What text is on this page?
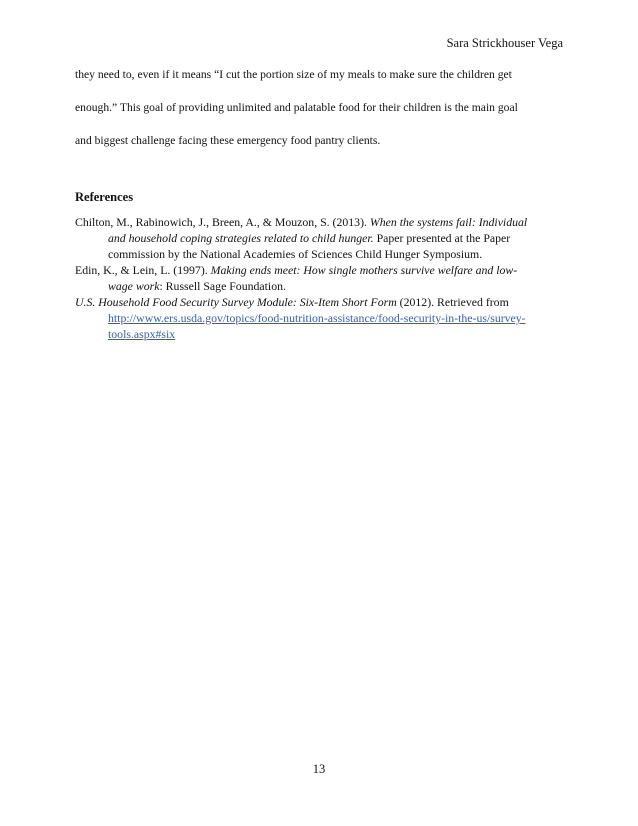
Sara Strickhouser Vega
they need to, even if it means “I cut the portion size of my meals to make sure the children get
enough.” This goal of providing unlimited and palatable food for their children is the main goal
and biggest challenge facing these emergency food pantry clients.
References
Chilton, M., Rabinowich, J., Breen, A., & Mouzon, S. (2013). When the systems fail: Individual
and household coping strategies related to child hunger. Paper presented at the Paper
commission by the National Academies of Sciences Child Hunger Symposium.
Edin, K., & Lein, L. (1997). Making ends meet: How single mothers survive welfare and low-
wage work: Russell Sage Foundation.
U.S. Household Food Security Survey Module: Six-Item Short Form (2012). Retrieved from
http://www.ers.usda.gov/topics/food-nutrition-assistance/food-security-in-the-us/survey-
tools.aspx#six
13
